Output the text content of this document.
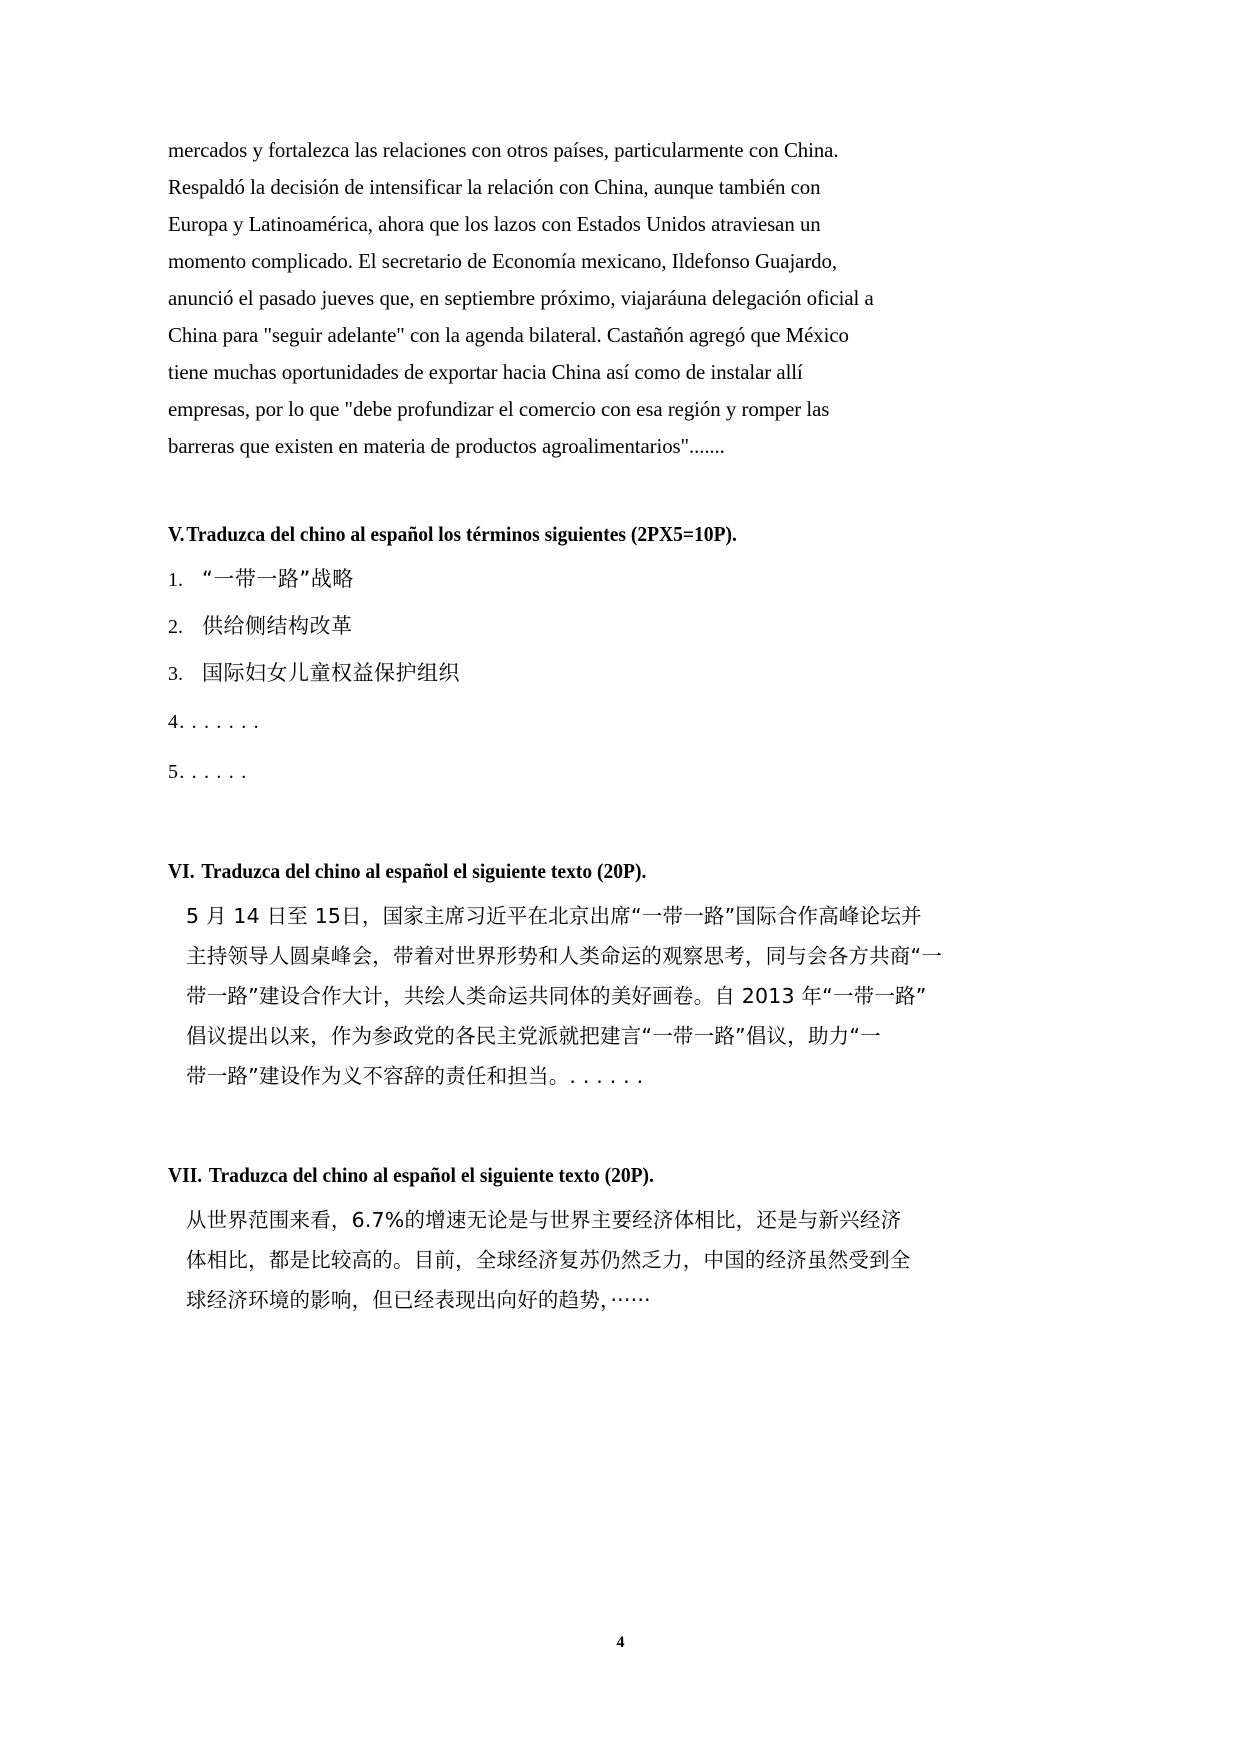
mercados y fortalezca las relaciones con otros países, particularmente con China.
Respaldó la decisión de intensificar la relación con China, aunque también con
Europa y Latinoamérica, ahora que los lazos con Estados Unidos atraviesan un
momento complicado. El secretario de Economía mexicano, Ildefonso Guajardo,
anunció el pasado jueves que, en septiembre próximo, viajaráuna delegación oficial a
China para "seguir adelante" con la agenda bilateral. Castañón agregó que México
tiene muchas oportunidades de exportar hacia China así como de instalar allí
empresas, por lo que "debe profundizar el comercio con esa región y romper las
barreras que existen en materia de productos agroalimentarios".......
V.Traduzca del chino al español los términos siguientes (2PX5=10P).
1. “一带一路”战略
2. 供给侧结构改革
3. 国际妇女儿童权益保护组织
4. . . . . . .
5. . . . . .
VI. Traduzca del chino al español el siguiente texto (20P).
5 月 14 日至 15日，国家主席习近平在北京出席“一带一路”国际合作高峰论坛并
主持领导人圆桌峰会，带着对世界形势和人类命运的观察思考，同与会各方共商“一
带一路”建设合作大计，共绘人类命运共同体的美好画卷。自 2013 年“一带一路”
倡议提出以来，作为参政党的各民主党派就把建言“一带一路”倡议，助力“一
带一路”建设作为义不容辞的责任和担当。. . . . . .
VII. Traduzca del chino al español el siguiente texto (20P).
从世界范围来看，6.7%的增速无论是与世界主要经济体相比，还是与新兴经济
体相比，都是比较高的。目前，全球经济复苏仍然乏力，中国的经济虽然受到全
球经济环境的影响，但已经表现出向好的趋势，······
4
